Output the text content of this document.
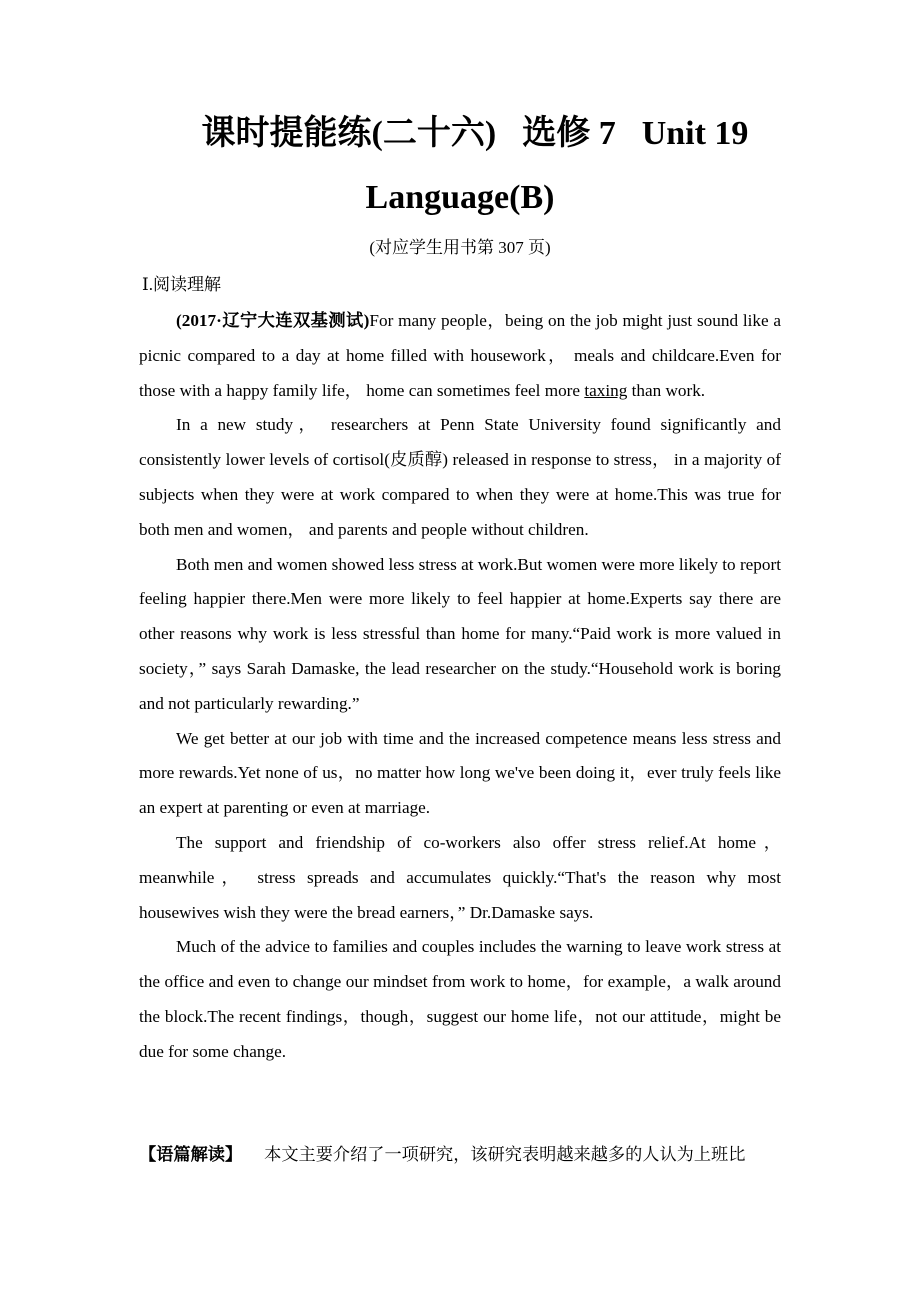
课时提能练(二十六) 选修 7 Unit 19
Language(B)
(对应学生用书第 307 页)
Ⅰ.阅读理解

(2017·辽宁大连双基测试)For many people，being on the job might just sound like a picnic compared to a day at home filled with housework， meals and childcare.Even for those with a happy family life， home can sometimes feel more taxing than work.

In a new study， researchers at Penn State University found significantly and consistently lower levels of cortisol(皮质醇) released in response to stress， in a majority of subjects when they were at work compared to when they were at home.This was true for both men and women， and parents and people without children.

Both men and women showed less stress at work.But women were more likely to report feeling happier there.Men were more likely to feel happier at home.Experts say there are other reasons why work is less stressful than home for many.“Paid work is more valued in society，” says Sarah Damaske, the lead researcher on the study.“Household work is boring and not particularly rewarding.”

We get better at our job with time and the increased competence means less stress and more rewards.Yet none of us，no matter how long we've been doing it，ever truly feels like an expert at parenting or even at marriage.

The support and friendship of co-workers also offer stress relief.At home， meanwhile， stress spreads and accumulates quickly.“That's the reason why most housewives wish they were the bread earners，” Dr.Damaske says.

Much of the advice to families and couples includes the warning to leave work stress at the office and even to change our mindset from work to home，for example，a walk around the block.The recent findings，though，suggest our home life，not our attitude，might be due for some change.

【语篇解读】 本文主要介绍了一项研究，该研究表明越来越多的人认为上班比
